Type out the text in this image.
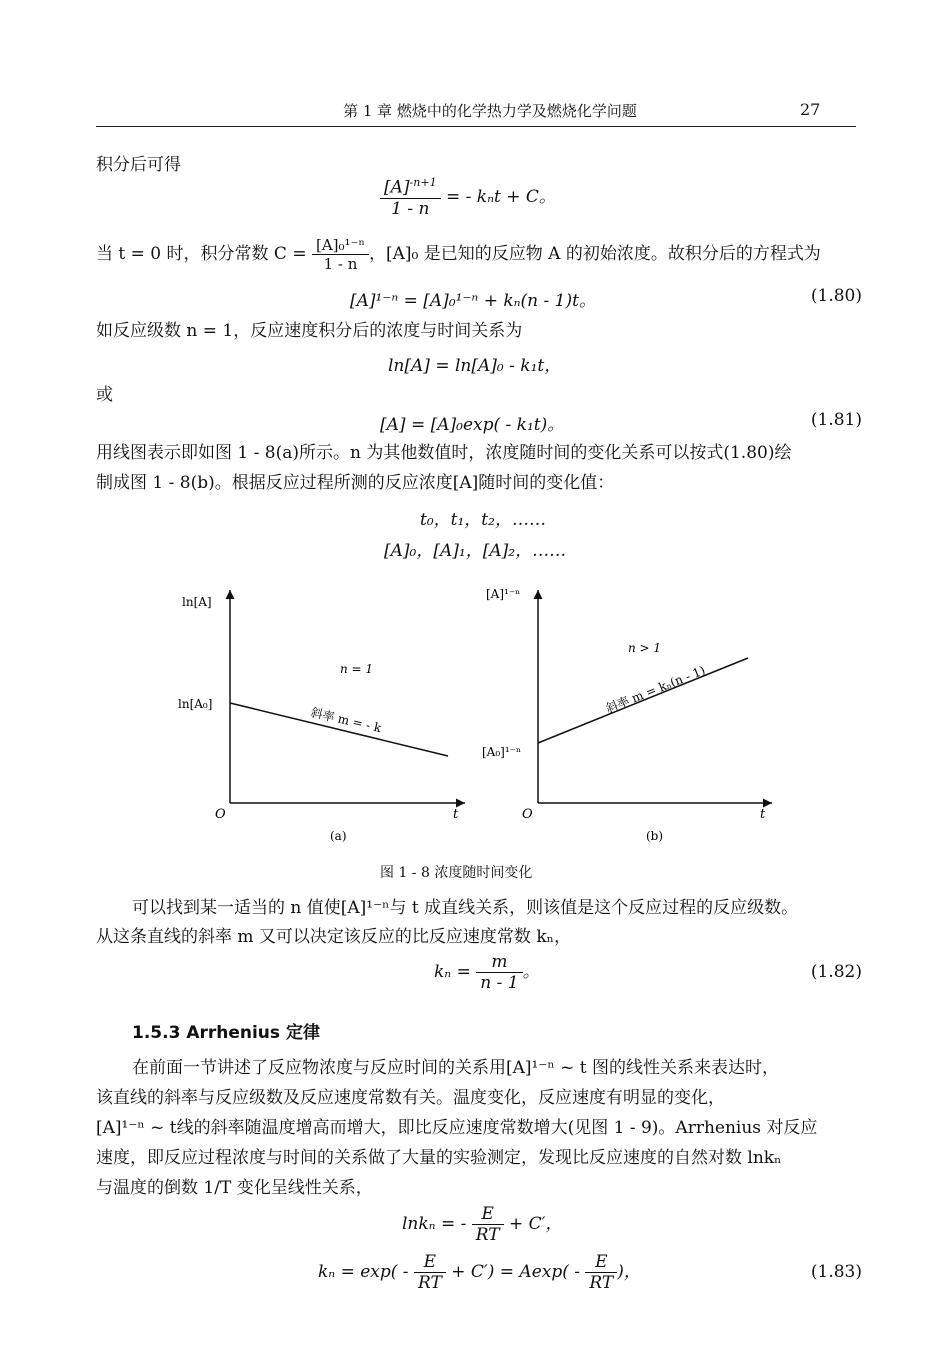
第 1 章 燃烧中的化学热力学及燃烧化学问题	27
积分后可得
$\frac{[A]^{-n+1}}{1 - n}$ = - kₙt + C。
当 t = 0 时，积分常数 $C = \frac{\text{[A]₀¹⁻ⁿ}}{1 - n}$ ，[A]₀ 是已知的反应物 A 的初始浓度。故积分后的方程式为
[A]¹⁻ⁿ = [A]₀¹⁻ⁿ + kₙ(n - 1)t。	(1.80)
如反应级数 n = 1，反应速度积分后的浓度与时间关系为
ln[A] = ln[A]₀ - k₁t，
或
[A] = [A]₀exp( - k₁t)。	(1.81)
用线图表示即如图 1 - 8(a)所示。n 为其他数值时，浓度随时间的变化关系可以按式(1.80)绘
制成图 1 - 8(b)。根据反应过程所测的反应浓度[A]随时间的变化值：
t₀，t₁，t₂，……
[A]₀，[A]₁，[A]₂，……
ln[A]
ln[A₀]
O	t
n = 1
斜率 m = - k
(a)
[A]¹⁻ⁿ
[A₀]¹⁻ⁿ
O	t
n > 1
斜率 m = kₙ(n - 1)
(b)
图 1 - 8 浓度随时间变化
可以找到某一适当的 n 值使[A]¹⁻ⁿ与 t 成直线关系，则该值是这个反应过程的反应级数。
从这条直线的斜率 m 又可以决定该反应的比反应速度常数 kₙ，
$k_n = \frac{m}{n - 1}$ 。	(1.82)
1.5.3 Arrhenius 定律
在前面一节讲述了反应物浓度与反应时间的关系用[A]¹⁻ⁿ ~ t 图的线性关系来表达时，
该直线的斜率与反应级数及反应速度常数有关。温度变化，反应速度有明显的变化，
[A]¹⁻ⁿ ~ t线的斜率随温度增高而增大，即比反应速度常数增大(见图 1 - 9)。Arrhenius 对反应
速度，即反应过程浓度与时间的关系做了大量的实验测定，发现比反应速度的自然对数 lnkₙ
与温度的倒数 1/T 变化呈线性关系，
lnkₙ = - $\frac{E}{RT} + C'$，
$k_n = \exp( - \frac{E}{RT} + C') = Aexp( - \frac{E}{RT}$ )，	(1.83)
